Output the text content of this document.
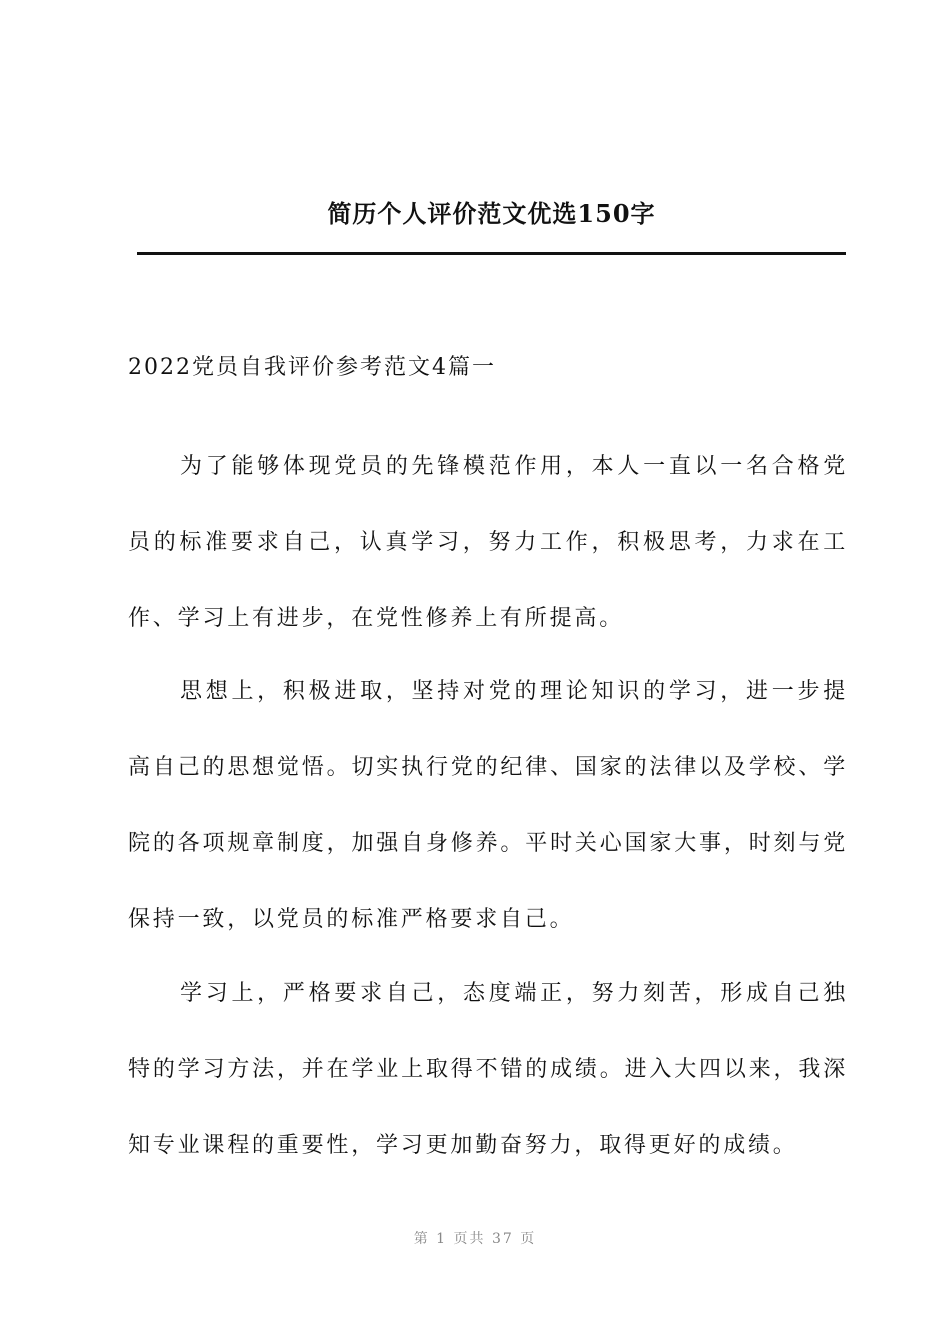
简历个人评价范文优选150字
2022党员自我评价参考范文4篇一

为了能够体现党员的先锋模范作用，本人一直以一名合格党员的标准要求自己，认真学习，努力工作，积极思考，力求在工作、学习上有进步，在党性修养上有所提高。

思想上，积极进取，坚持对党的理论知识的学习，进一步提高自己的思想觉悟。切实执行党的纪律、国家的法律以及学校、学院的各项规章制度，加强自身修养。平时关心国家大事，时刻与党保持一致，以党员的标准严格要求自己。

学习上，严格要求自己，态度端正，努力刻苦，形成自己独特的学习方法，并在学业上取得不错的成绩。进入大四以来，我深知专业课程的重要性，学习更加勤奋努力，取得更好的成绩。

第 1 页共 37 页
